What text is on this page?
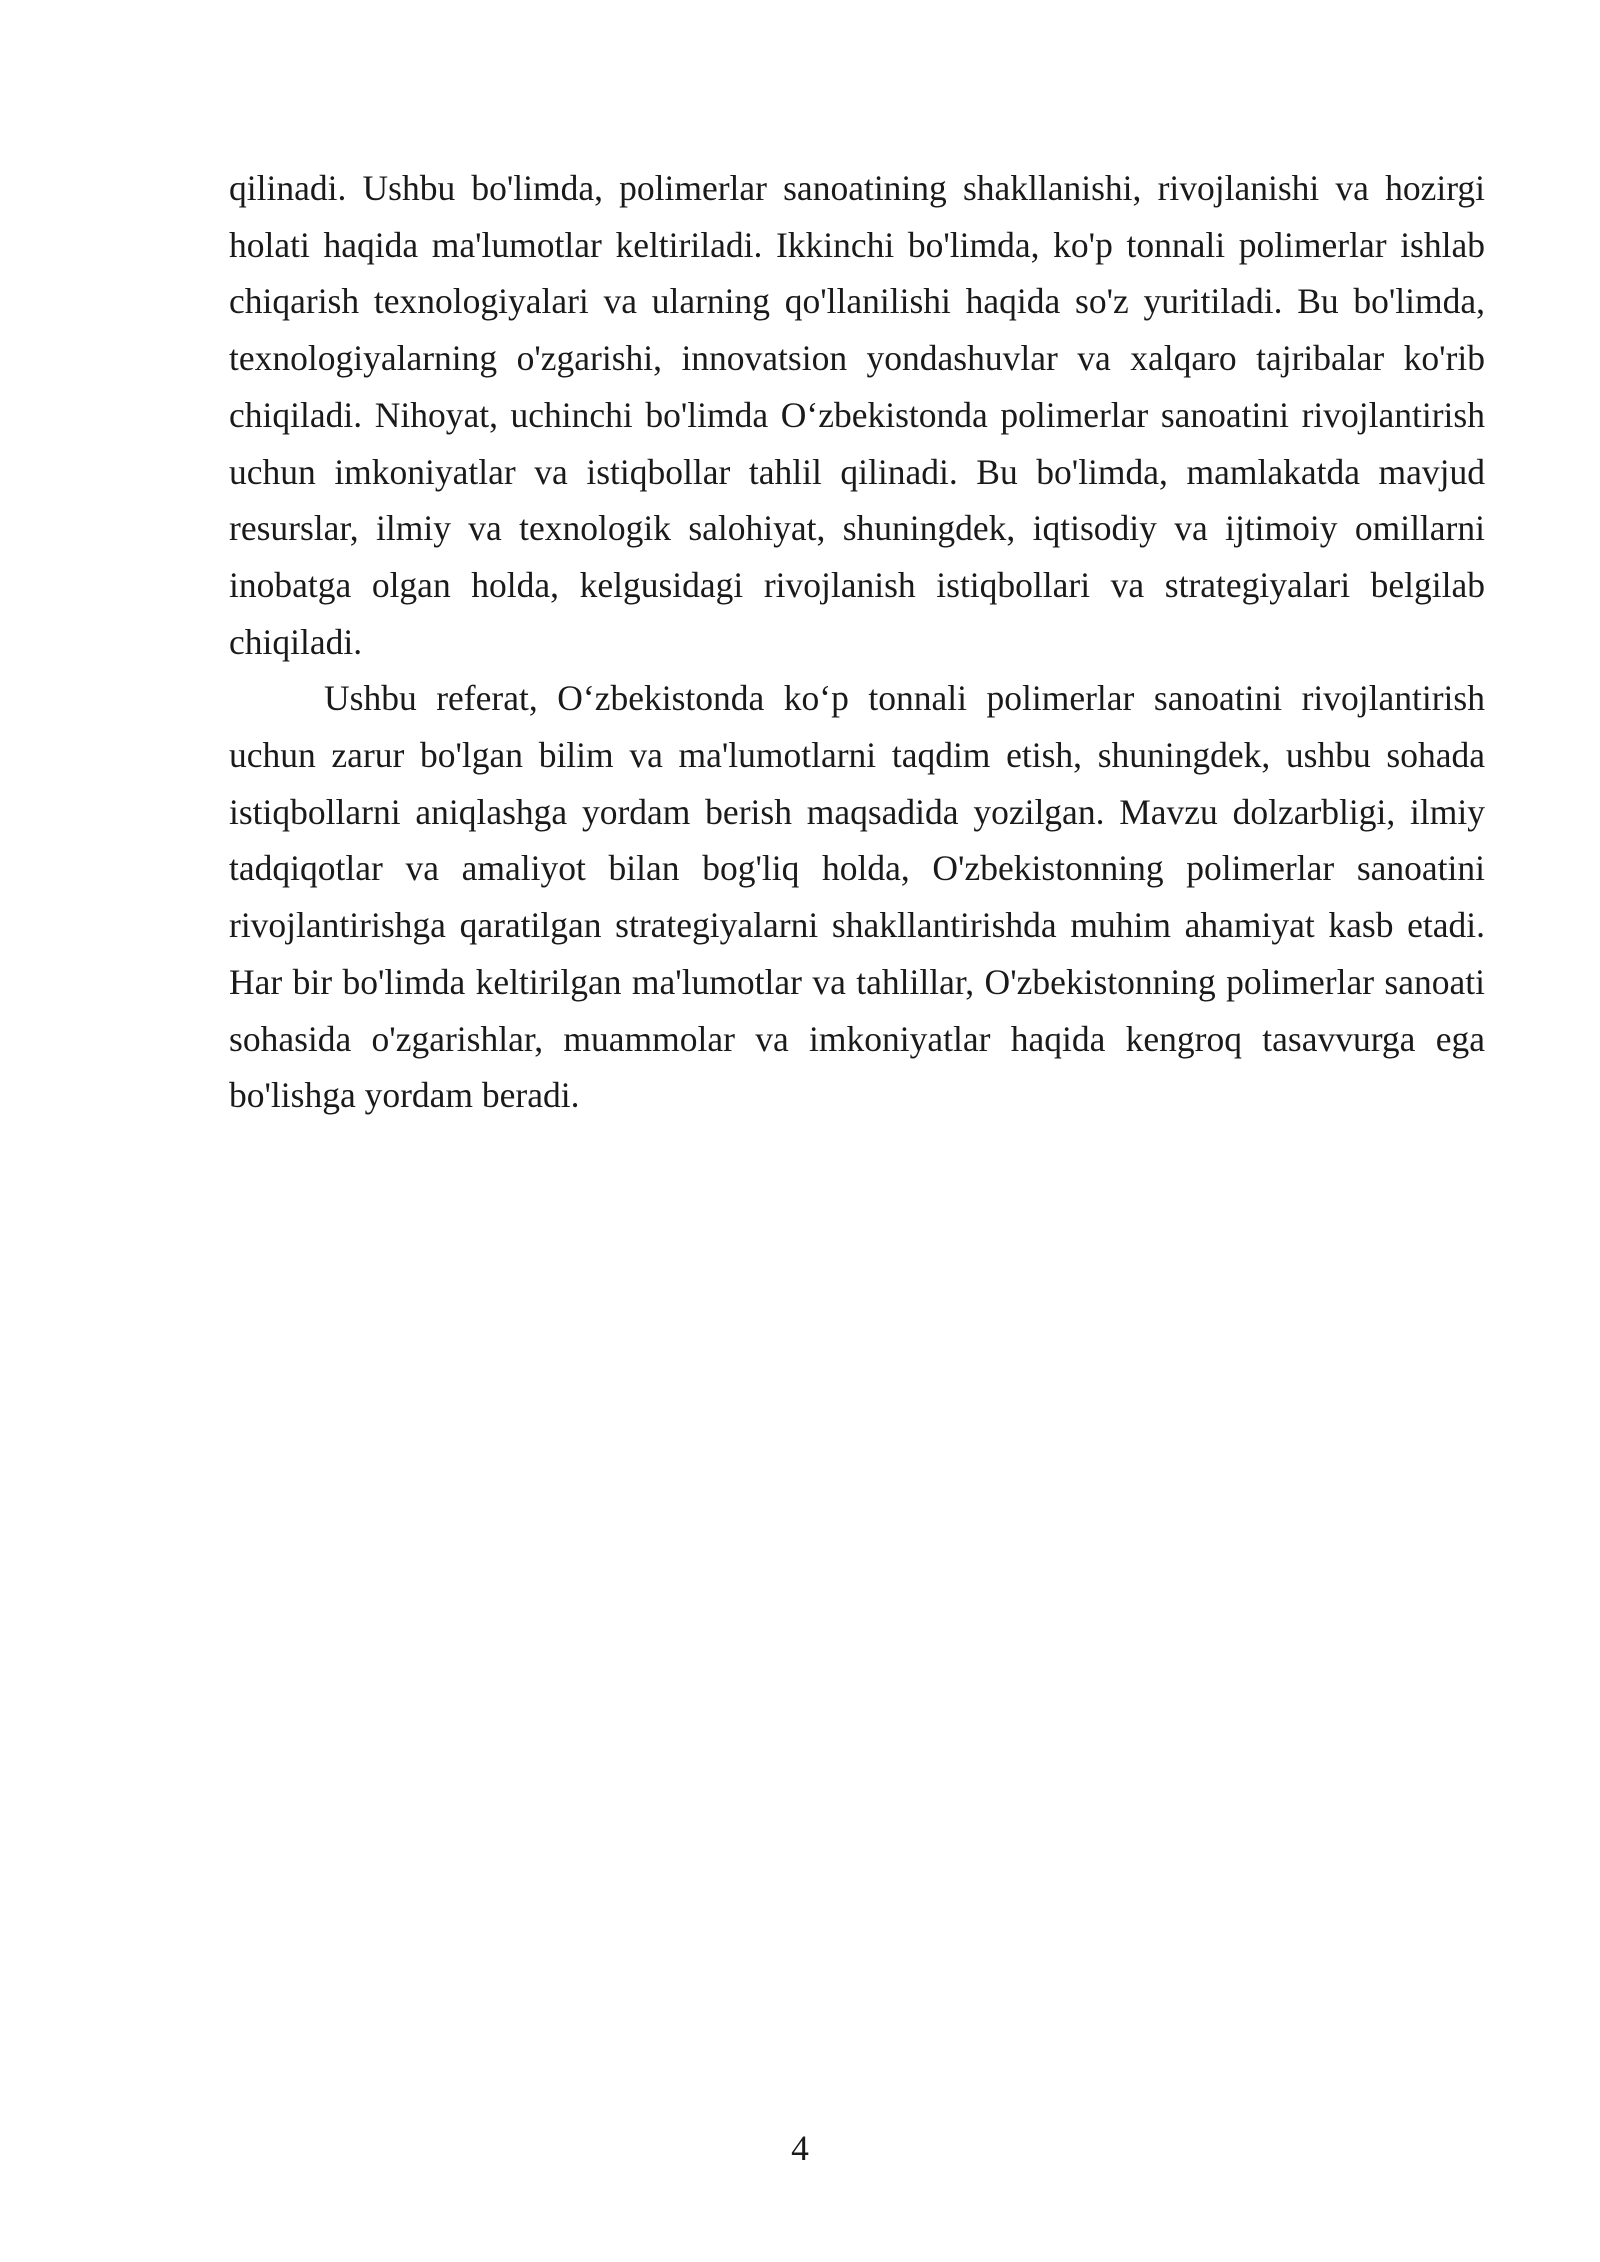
qilinadi. Ushbu bo'limda, polimerlar sanoatining shakllanishi, rivojlanishi va hozirgi holati haqida ma'lumotlar keltiriladi. Ikkinchi bo'limda, ko'p tonnali polimerlar ishlab chiqarish texnologiyalari va ularning qo'llanilishi haqida so'z yuritiladi. Bu bo'limda, texnologiyalarning o'zgarishi, innovatsion yondashuvlar va xalqaro tajribalar ko'rib chiqiladi. Nihoyat, uchinchi bo'limda O‘zbekistonda polimerlar sanoatini rivojlantirish uchun imkoniyatlar va istiqbollar tahlil qilinadi. Bu bo'limda, mamlakatda mavjud resurslar, ilmiy va texnologik salohiyat, shuningdek, iqtisodiy va ijtimoiy omillarni inobatga olgan holda, kelgusidagi rivojlanish istiqbollari va strategiyalari belgilab chiqiladi.

Ushbu referat, O‘zbekistonda ko‘p tonnali polimerlar sanoatini rivojlantirish uchun zarur bo'lgan bilim va ma'lumotlarni taqdim etish, shuningdek, ushbu sohada istiqbollarni aniqlashga yordam berish maqsadida yozilgan. Mavzu dolzarbligi, ilmiy tadqiqotlar va amaliyot bilan bog'liq holda, O'zbekistonning polimerlar sanoatini rivojlantirishga qaratilgan strategiyalarni shakllantirishda muhim ahamiyat kasb etadi. Har bir bo'limda keltirilgan ma'lumotlar va tahlillar, O'zbekistonning polimerlar sanoati sohasida o'zgarishlar, muammolar va imkoniyatlar haqida kengroq tasavvurga ega bo'lishga yordam beradi.

4
